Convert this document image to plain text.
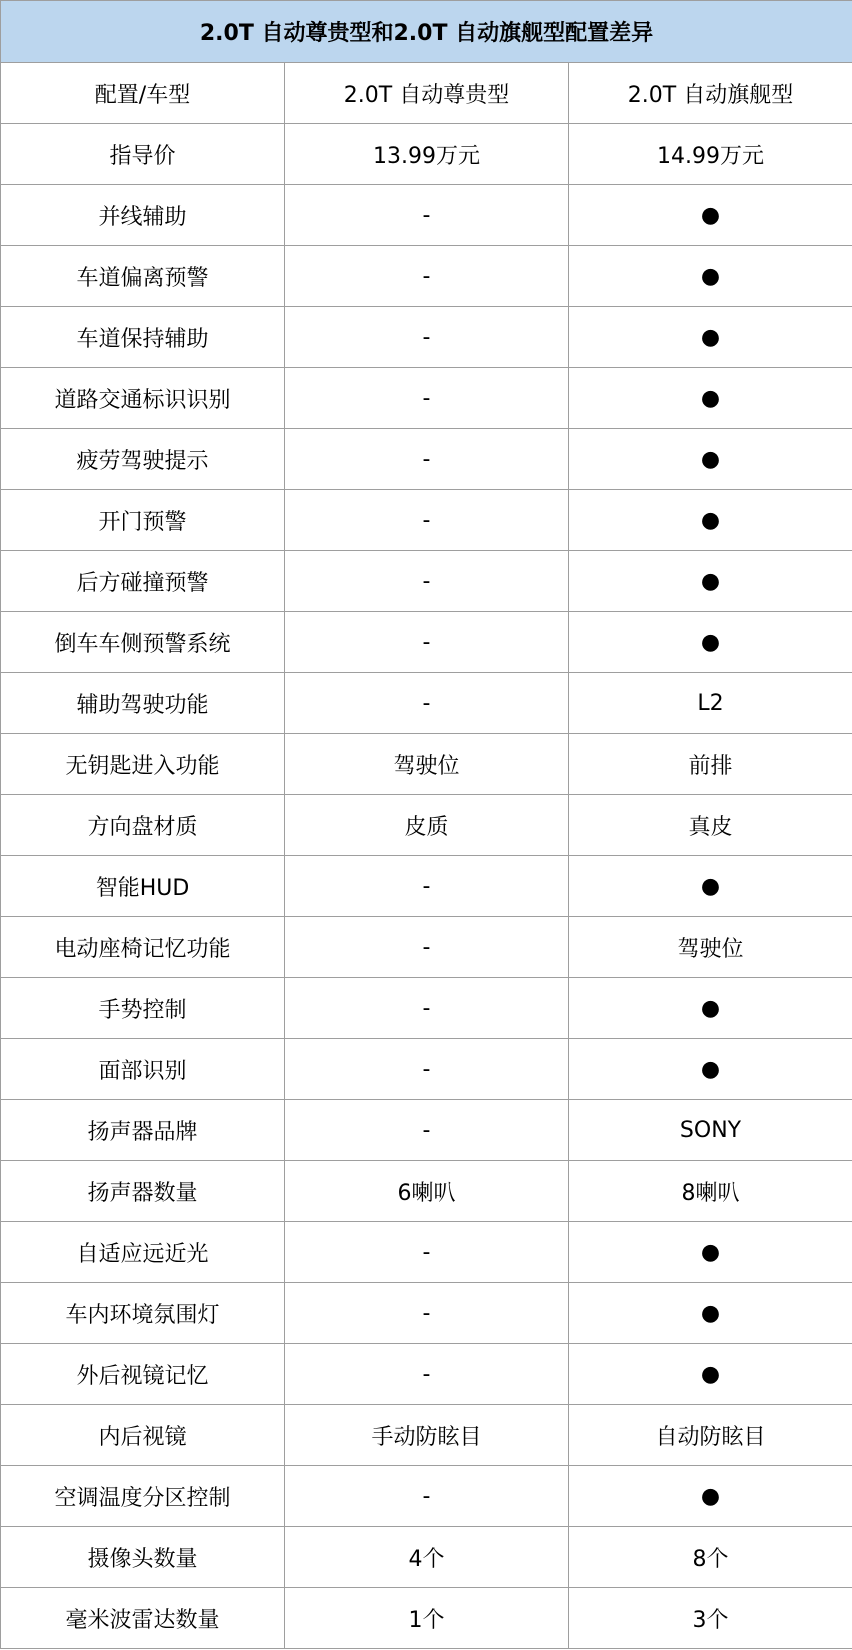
2.0T 自动尊贵型和2.0T 自动旗舰型配置差异		
配置/车型	2.0T 自动尊贵型	2.0T 自动旗舰型
指导价	13.99万元	14.99万元
并线辅助	-	●
车道偏离预警	-	●
车道保持辅助	-	●
道路交通标识识别	-	●
疲劳驾驶提示	-	●
开门预警	-	●
后方碰撞预警	-	●
倒车车侧预警系统	-	●
辅助驾驶功能	-	L2
无钥匙进入功能	驾驶位	前排
方向盘材质	皮质	真皮
智能HUD	-	●
电动座椅记忆功能	-	驾驶位
手势控制	-	●
面部识别	-	●
扬声器品牌	-	SONY
扬声器数量	6喇叭	8喇叭
自适应远近光	-	●
车内环境氛围灯	-	●
外后视镜记忆	-	●
内后视镜	手动防眩目	自动防眩目
空调温度分区控制	-	●
摄像头数量	4个	8个
毫米波雷达数量	1个	3个
